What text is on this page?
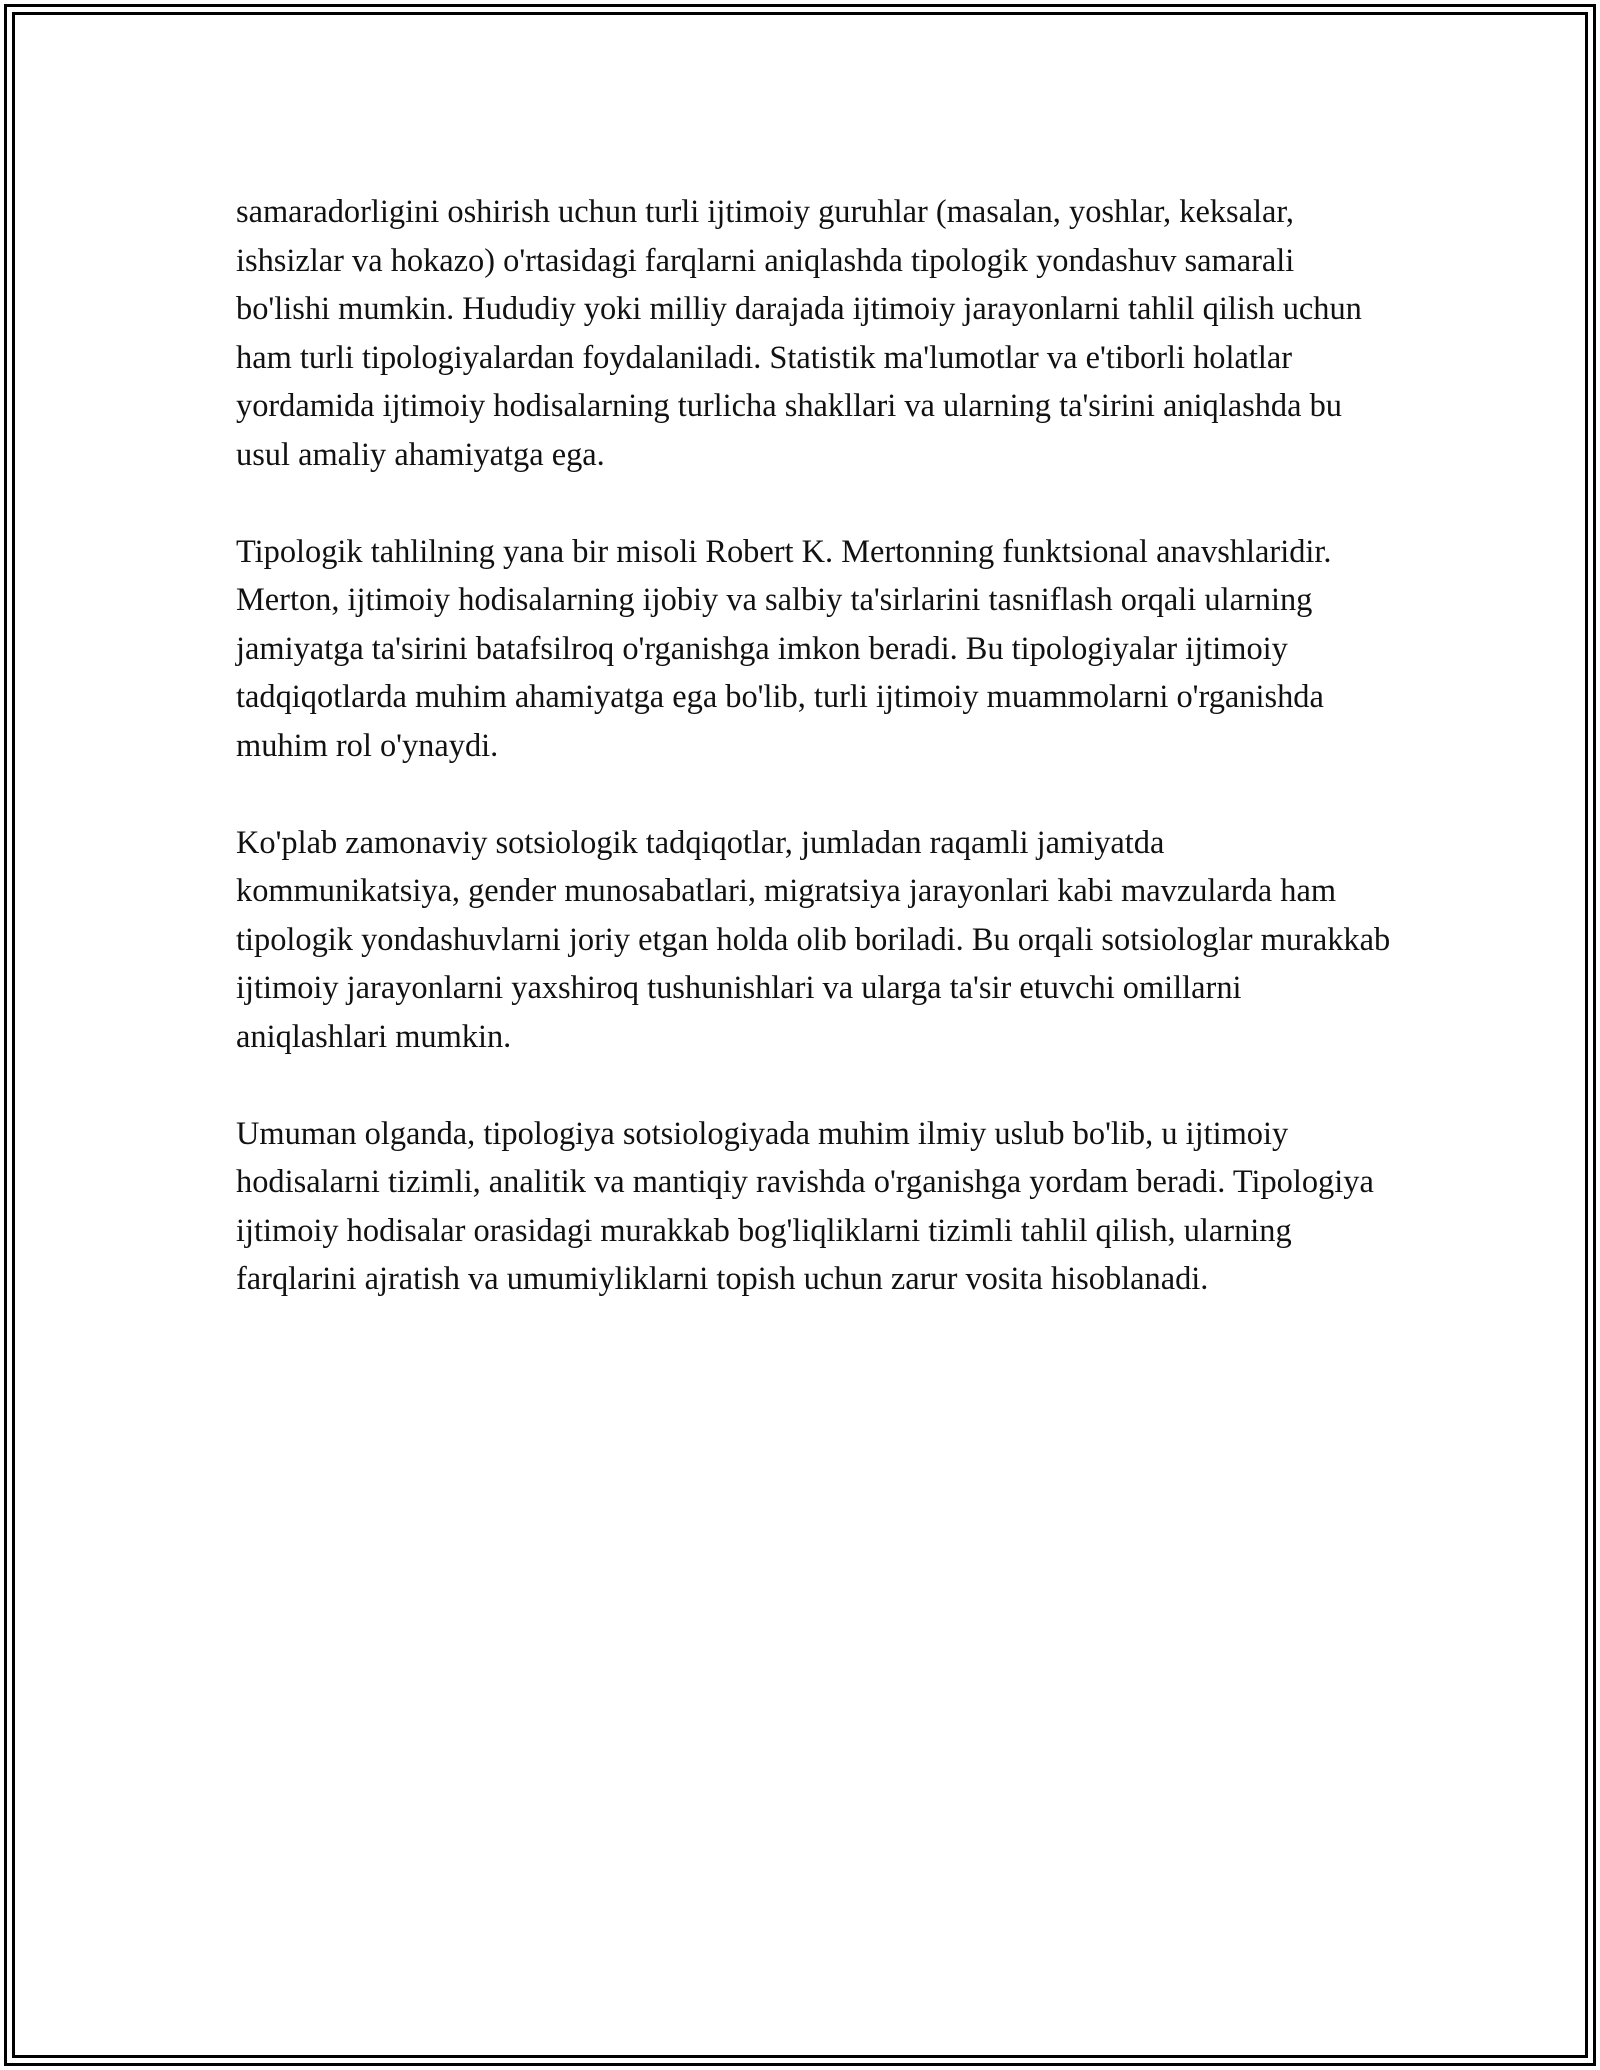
samaradorligini oshirish uchun turli ijtimoiy guruhlar (masalan, yoshlar, keksalar, ishsizlar va hokazo) o'rtasidagi farqlarni aniqlashda tipologik yondashuv samarali bo'lishi mumkin. Hududiy yoki milliy darajada ijtimoiy jarayonlarni tahlil qilish uchun ham turli tipologiyalardan foydalaniladi. Statistik ma'lumotlar va e'tiborli holatlar yordamida ijtimoiy hodisalarning turlicha shakllari va ularning ta'sirini aniqlashda bu usul amaliy ahamiyatga ega.

Tipologik tahlilning yana bir misoli Robert K. Mertonning funktsional anavshlaridir. Merton, ijtimoiy hodisalarning ijobiy va salbiy ta'sirlarini tasniflash orqali ularning jamiyatga ta'sirini batafsilroq o'rganishga imkon beradi. Bu tipologiyalar ijtimoiy tadqiqotlarda muhim ahamiyatga ega bo'lib, turli ijtimoiy muammolarni o'rganishda muhim rol o'ynaydi.

Ko'plab zamonaviy sotsiologik tadqiqotlar, jumladan raqamli jamiyatda kommunikatsiya, gender munosabatlari, migratsiya jarayonlari kabi mavzularda ham tipologik yondashuvlarni joriy etgan holda olib boriladi. Bu orqali sotsiologlar murakkab ijtimoiy jarayonlarni yaxshiroq tushunishlari va ularga ta'sir etuvchi omillarni aniqlashlari mumkin.

Umuman olganda, tipologiya sotsiologiyada muhim ilmiy uslub bo'lib, u ijtimoiy hodisalarni tizimli, analitik va mantiqiy ravishda o'rganishga yordam beradi. Tipologiya ijtimoiy hodisalar orasidagi murakkab bog'liqliklarni tizimli tahlil qilish, ularning farqlarini ajratish va umumiyliklarni topish uchun zarur vosita hisoblanadi.
